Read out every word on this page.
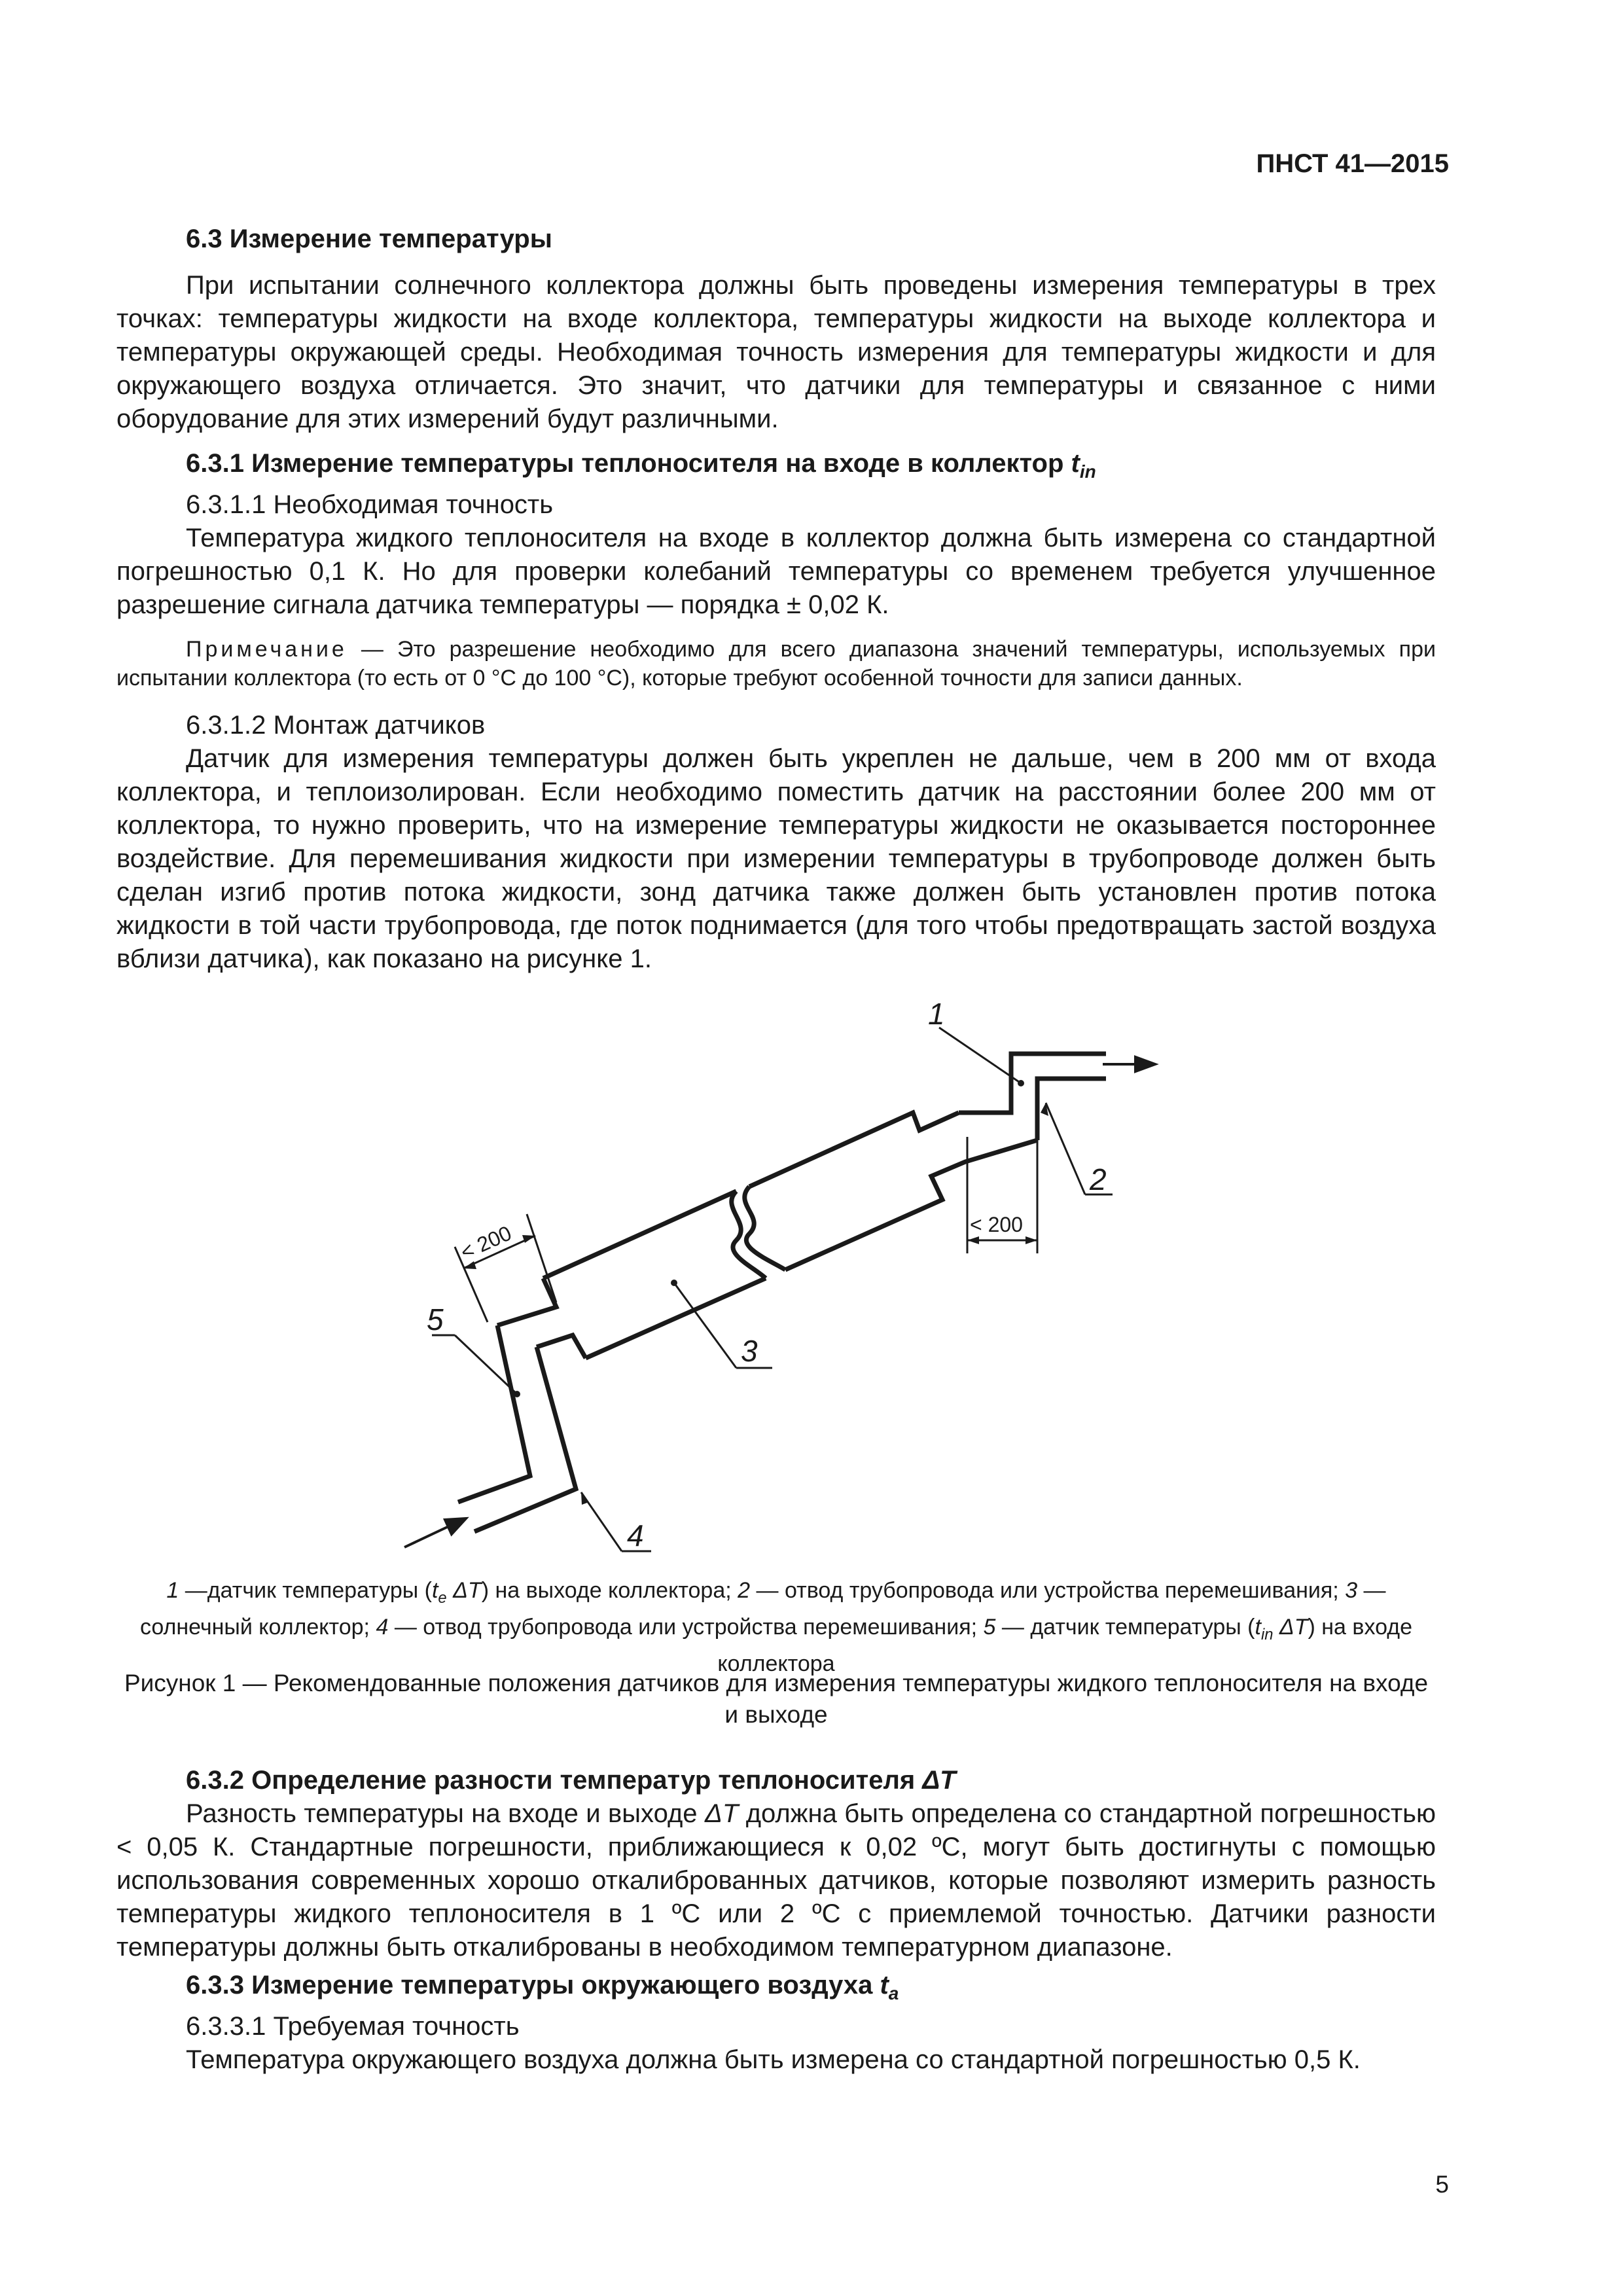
ПНСТ 41—2015

6.3 Измерение температуры

При испытании солнечного коллектора должны быть проведены измерения температуры в трех точках: температуры жидкости на входе коллектора, температуры жидкости на выходе коллектора и температуры окружающей среды. Необходимая точность измерения для температуры жидкости и для окружающего воздуха отличается. Это значит, что датчики для температуры и связанное с ними оборудование для этих измерений будут различными.

6.3.1 Измерение температуры теплоносителя на входе в коллектор $t_{in}$

6.3.1.1 Необходимая точность

Температура жидкого теплоносителя на входе в коллектор должна быть измерена со стандартной погрешностью 0,1 К. Но для проверки колебаний температуры со временем требуется улучшенное разрешение сигнала датчика температуры — порядка ± 0,02 К.

Примечание — Это разрешение необходимо для всего диапазона значений температуры, используемых при испытании коллектора (то есть от 0 °С до 100 °С), которые требуют особенной точности для записи данных.

6.3.1.2 Монтаж датчиков

Датчик для измерения температуры должен быть укреплен не дальше, чем в 200 мм от входа коллектора, и теплоизолирован. Если необходимо поместить датчик на расстоянии более 200 мм от коллектора, то нужно проверить, что на измерение температуры жидкости не оказывается постороннее воздействие. Для перемешивания жидкости при измерении температуры в трубопроводе должен быть сделан изгиб против потока жидкости, зонд датчика также должен быть установлен против потока жидкости в той части трубопровода, где поток поднимается (для того чтобы предотвращать застой воздуха вблизи датчика), как показано на рисунке 1.

1
2
3
4
5
< 200
< 200
1 —датчик температуры ($t_e$ ΔT) на выходе коллектора; 2 — отвод трубопровода или устройства перемешивания; 3 — солнечный коллектор; 4 — отвод трубопровода или устройства перемешивания; 5 — датчик температуры ($t_{in}$ ΔT) на входе коллектора
Рисунок 1 — Рекомендованные положения датчиков для измерения температуры жидкого теплоносителя на входе и выходе

6.3.2 Определение разности температур теплоносителя ΔT

Разность температуры на входе и выходе ΔT должна быть определена со стандартной погрешностью < 0,05 К. Стандартные погрешности, приближающиеся к 0,02 ºС, могут быть достигнуты с помощью использования современных хорошо откалиброванных датчиков, которые позволяют измерить разность температуры жидкого теплоносителя в 1 ºС или 2 ºС с приемлемой точностью. Датчики разности температуры должны быть откалиброваны в необходимом температурном диапазоне.

6.3.3 Измерение температуры окружающего воздуха $t_a$

6.3.3.1 Требуемая точность

Температура окружающего воздуха должна быть измерена со стандартной погрешностью 0,5 К.

5
